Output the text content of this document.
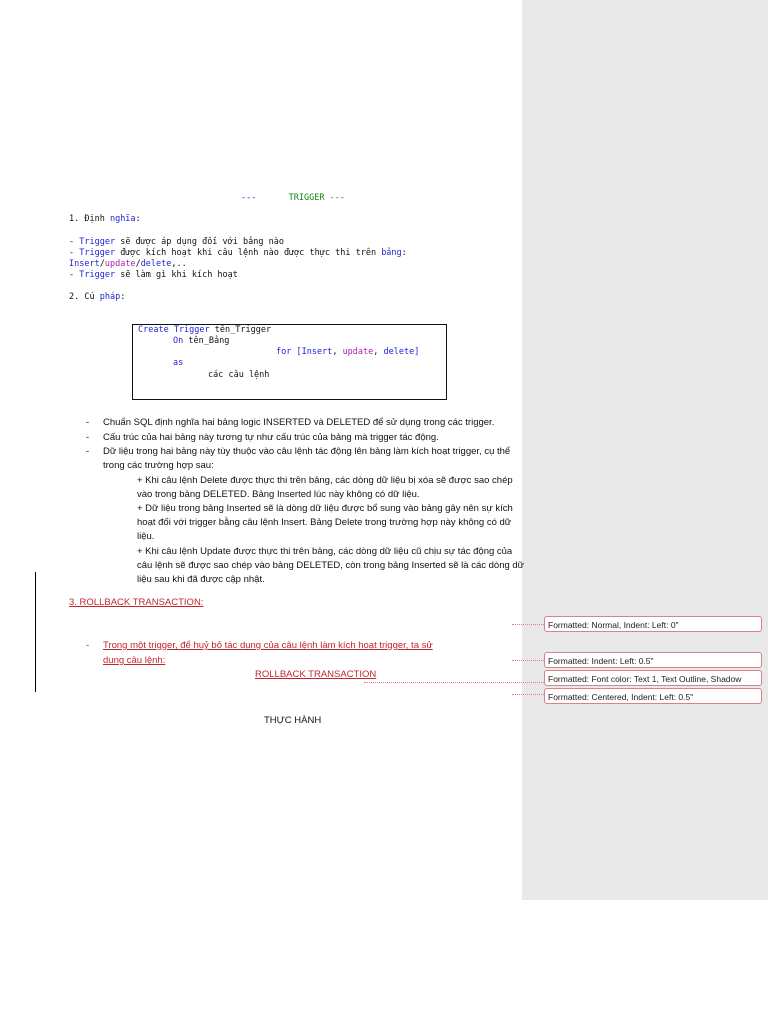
---	TRIGGER ---
1. Định nghĩa:
- Trigger sẽ được áp dụng đối với bảng nào
- Trigger được kích hoạt khi câu lệnh nào được thực thi trên bảng:
Insert/update/delete,..
- Trigger sẽ làm gì khi kích hoạt
2. Cú pháp:
Create Trigger tên_Trigger
On tên_Bảng
for [Insert, update, delete]
as
các câu lệnh
- Chuẩn SQL định nghĩa hai bảng logic INSERTED và DELETED để sử dụng trong các trigger.
- Cấu trúc của hai bảng này tương tự như cấu trúc của bảng mà trigger tác động.
- Dữ liệu trong hai bảng này tùy thuộc vào câu lệnh tác động lên bảng làm kích hoạt trigger, cụ thể
trong các trường hợp sau:
+ Khi câu lệnh Delete được thực thi trên bảng, các dòng dữ liệu bị xóa sẽ được sao chép
vào trong bảng DELETED. Bảng Inserted lúc này không có dữ liệu.
+ Dữ liệu trong bảng Inserted sẽ là dòng dữ liệu được bổ sung vào bảng gây nên sự kích
hoạt đối với trigger bằng câu lệnh Insert. Bảng Delete trong trường hợp này không có dữ
liệu.
+ Khi câu lệnh Update được thực thi trên bảng, các dòng dữ liệu cũ chịu sự tác động của
câu lệnh sẽ được sao chép vào bảng DELETED, còn trong bảng Inserted sẽ là các dòng dữ
liệu sau khi đã được cập nhật.
3. ROLLBACK TRANSACTION:
- Trong một trigger, để huỷ bỏ tác dụng của câu lệnh làm kích hoạt trigger, ta sử
dụng câu lệnh:
ROLLBACK TRANSACTION
THỰC HÀNH
Formatted: Normal, Indent: Left: 0"
Formatted: Indent: Left: 0.5"
Formatted: Font color: Text 1, Text Outline, Shadow
Formatted: Centered, Indent: Left: 0.5"
